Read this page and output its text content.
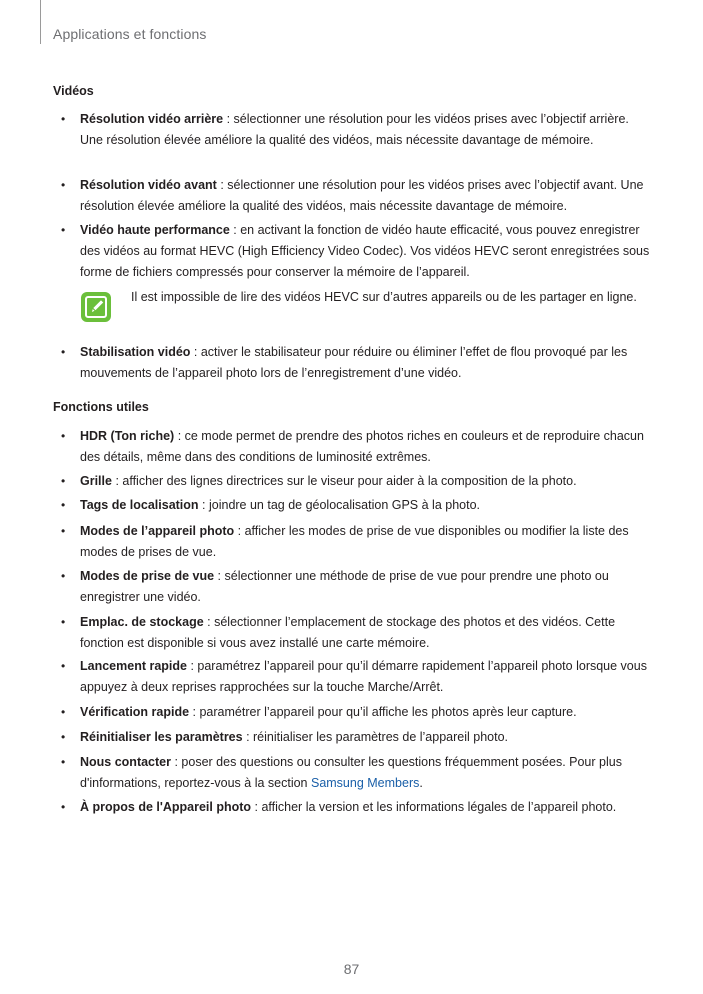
Applications et fonctions
Vidéos
• Résolution vidéo arrière : sélectionner une résolution pour les vidéos prises avec l’objectif arrière. Une résolution élevée améliore la qualité des vidéos, mais nécessite davantage de mémoire.
• Résolution vidéo avant : sélectionner une résolution pour les vidéos prises avec l’objectif avant. Une résolution élevée améliore la qualité des vidéos, mais nécessite davantage de mémoire.
• Vidéo haute performance : en activant la fonction de vidéo haute efficacité, vous pouvez enregistrer des vidéos au format HEVC (High Efficiency Video Codec). Vos vidéos HEVC seront enregistrées sous forme de fichiers compressés pour conserver la mémoire de l’appareil.
Il est impossible de lire des vidéos HEVC sur d’autres appareils ou de les partager en ligne.
• Stabilisation vidéo : activer le stabilisateur pour réduire ou éliminer l’effet de flou provoqué par les mouvements de l’appareil photo lors de l’enregistrement d’une vidéo.
Fonctions utiles
• HDR (Ton riche) : ce mode permet de prendre des photos riches en couleurs et de reproduire chacun des détails, même dans des conditions de luminosité extrêmes.
• Grille : afficher des lignes directrices sur le viseur pour aider à la composition de la photo.
• Tags de localisation : joindre un tag de géolocalisation GPS à la photo.
• Modes de l’appareil photo : afficher les modes de prise de vue disponibles ou modifier la liste des modes de prises de vue.
• Modes de prise de vue : sélectionner une méthode de prise de vue pour prendre une photo ou enregistrer une vidéo.
• Emplac. de stockage : sélectionner l’emplacement de stockage des photos et des vidéos. Cette fonction est disponible si vous avez installé une carte mémoire.
• Lancement rapide : paramétrez l’appareil pour qu’il démarre rapidement l’appareil photo lorsque vous appuyez à deux reprises rapprochées sur la touche Marche/Arrêt.
• Vérification rapide : paramétrer l’appareil pour qu’il affiche les photos après leur capture.
• Réinitialiser les paramètres : réinitialiser les paramètres de l’appareil photo.
• Nous contacter : poser des questions ou consulter les questions fréquemment posées. Pour plus d'informations, reportez-vous à la section Samsung Members.
• À propos de l'Appareil photo : afficher la version et les informations légales de l’appareil photo.
87
